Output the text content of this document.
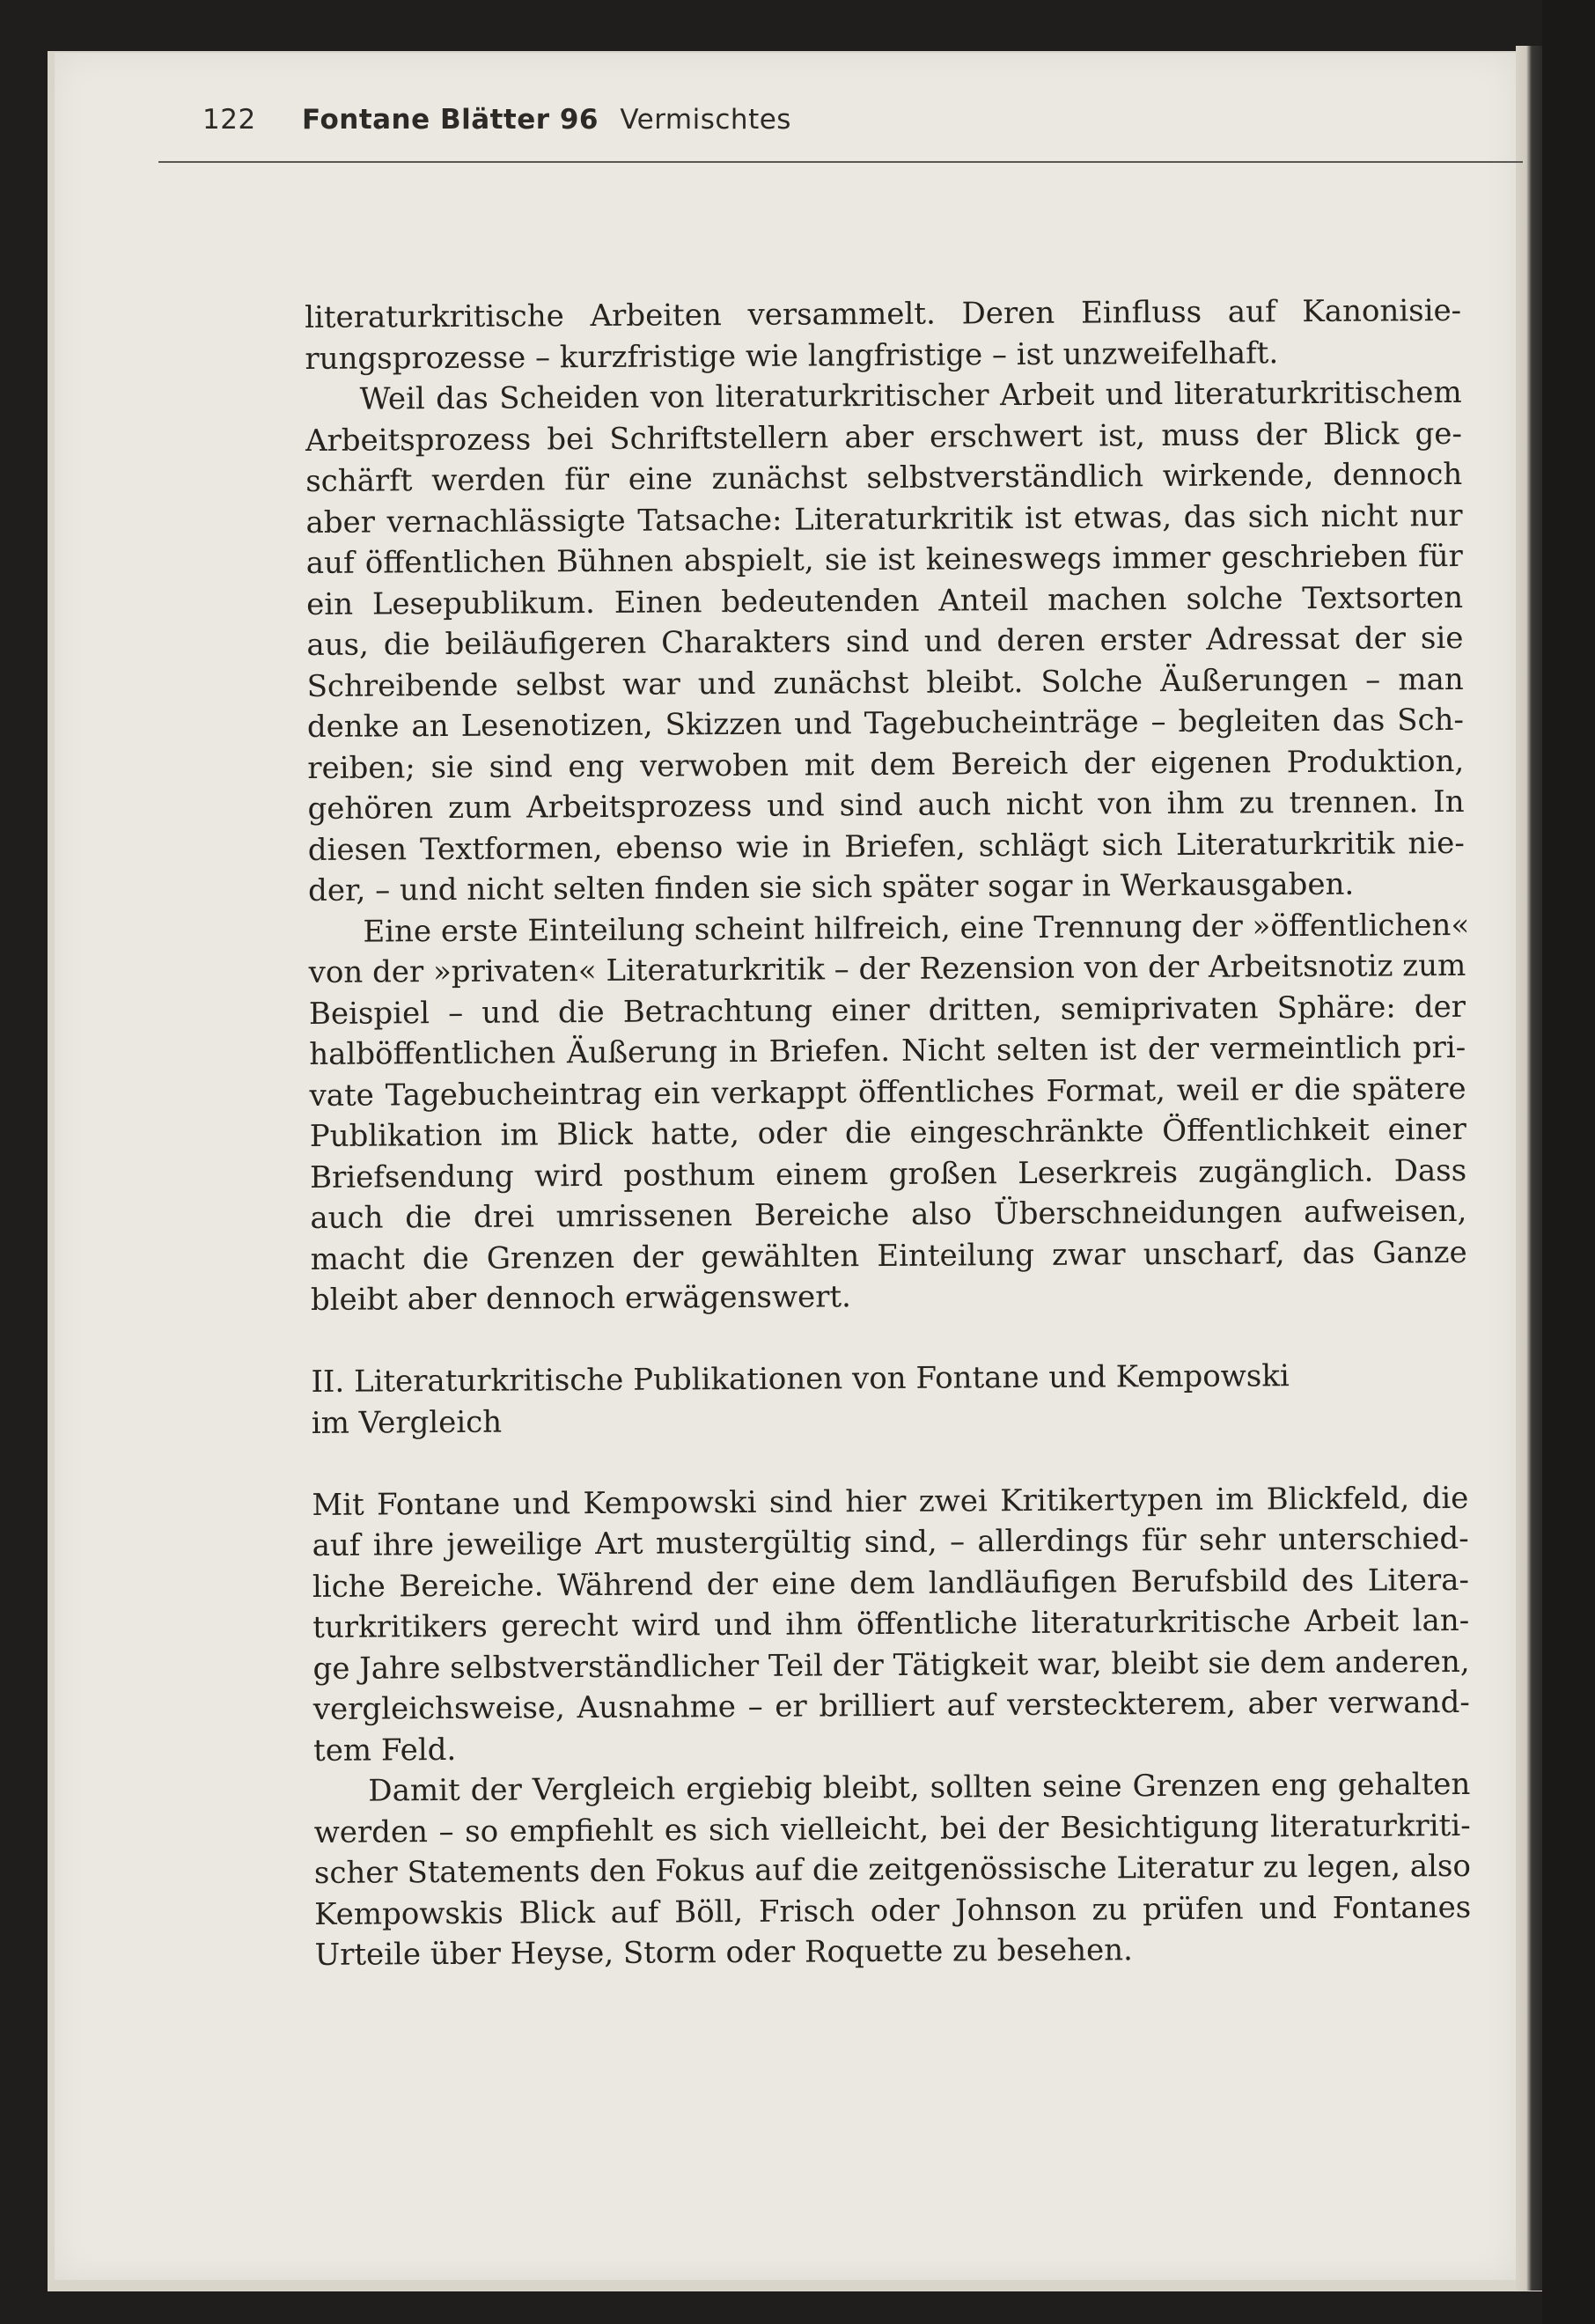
122 Fontane Blätter 96 Vermischtes
literaturkritische Arbeiten versammelt. Deren Einfluss auf Kanonisie-
rungsprozesse – kurzfristige wie langfristige – ist unzweifelhaft.
Weil das Scheiden von literaturkritischer Arbeit und literaturkritischem
Arbeitsprozess bei Schriftstellern aber erschwert ist, muss der Blick ge-
schärft werden für eine zunächst selbstverständlich wirkende, dennoch
aber vernachlässigte Tatsache: Literaturkritik ist etwas, das sich nicht nur
auf öffentlichen Bühnen abspielt, sie ist keineswegs immer geschrieben für
ein Lesepublikum. Einen bedeutenden Anteil machen solche Textsorten
aus, die beiläufigeren Charakters sind und deren erster Adressat der sie
Schreibende selbst war und zunächst bleibt. Solche Äußerungen – man
denke an Lesenotizen, Skizzen und Tagebucheinträge – begleiten das Sch-
reiben; sie sind eng verwoben mit dem Bereich der eigenen Produktion,
gehören zum Arbeitsprozess und sind auch nicht von ihm zu trennen. In
diesen Textformen, ebenso wie in Briefen, schlägt sich Literaturkritik nie-
der, – und nicht selten finden sie sich später sogar in Werkausgaben.
Eine erste Einteilung scheint hilfreich, eine Trennung der »öffentlichen«
von der »privaten« Literaturkritik – der Rezension von der Arbeitsnotiz zum
Beispiel – und die Betrachtung einer dritten, semiprivaten Sphäre: der
halböffentlichen Äußerung in Briefen. Nicht selten ist der vermeintlich pri-
vate Tagebucheintrag ein verkappt öffentliches Format, weil er die spätere
Publikation im Blick hatte, oder die eingeschränkte Öffentlichkeit einer
Briefsendung wird posthum einem großen Leserkreis zugänglich. Dass
auch die drei umrissenen Bereiche also Überschneidungen aufweisen,
macht die Grenzen der gewählten Einteilung zwar unscharf, das Ganze
bleibt aber dennoch erwägenswert.
II. Literaturkritische Publikationen von Fontane und Kempowski
im Vergleich
Mit Fontane und Kempowski sind hier zwei Kritikertypen im Blickfeld, die
auf ihre jeweilige Art mustergültig sind, – allerdings für sehr unterschied-
liche Bereiche. Während der eine dem landläufigen Berufsbild des Litera-
turkritikers gerecht wird und ihm öffentliche literaturkritische Arbeit lan-
ge Jahre selbstverständlicher Teil der Tätigkeit war, bleibt sie dem anderen,
vergleichsweise, Ausnahme – er brilliert auf versteckterem, aber verwand-
tem Feld.
Damit der Vergleich ergiebig bleibt, sollten seine Grenzen eng gehalten
werden – so empfiehlt es sich vielleicht, bei der Besichtigung literaturkriti-
scher Statements den Fokus auf die zeitgenössische Literatur zu legen, also
Kempowskis Blick auf Böll, Frisch oder Johnson zu prüfen und Fontanes
Urteile über Heyse, Storm oder Roquette zu besehen.
